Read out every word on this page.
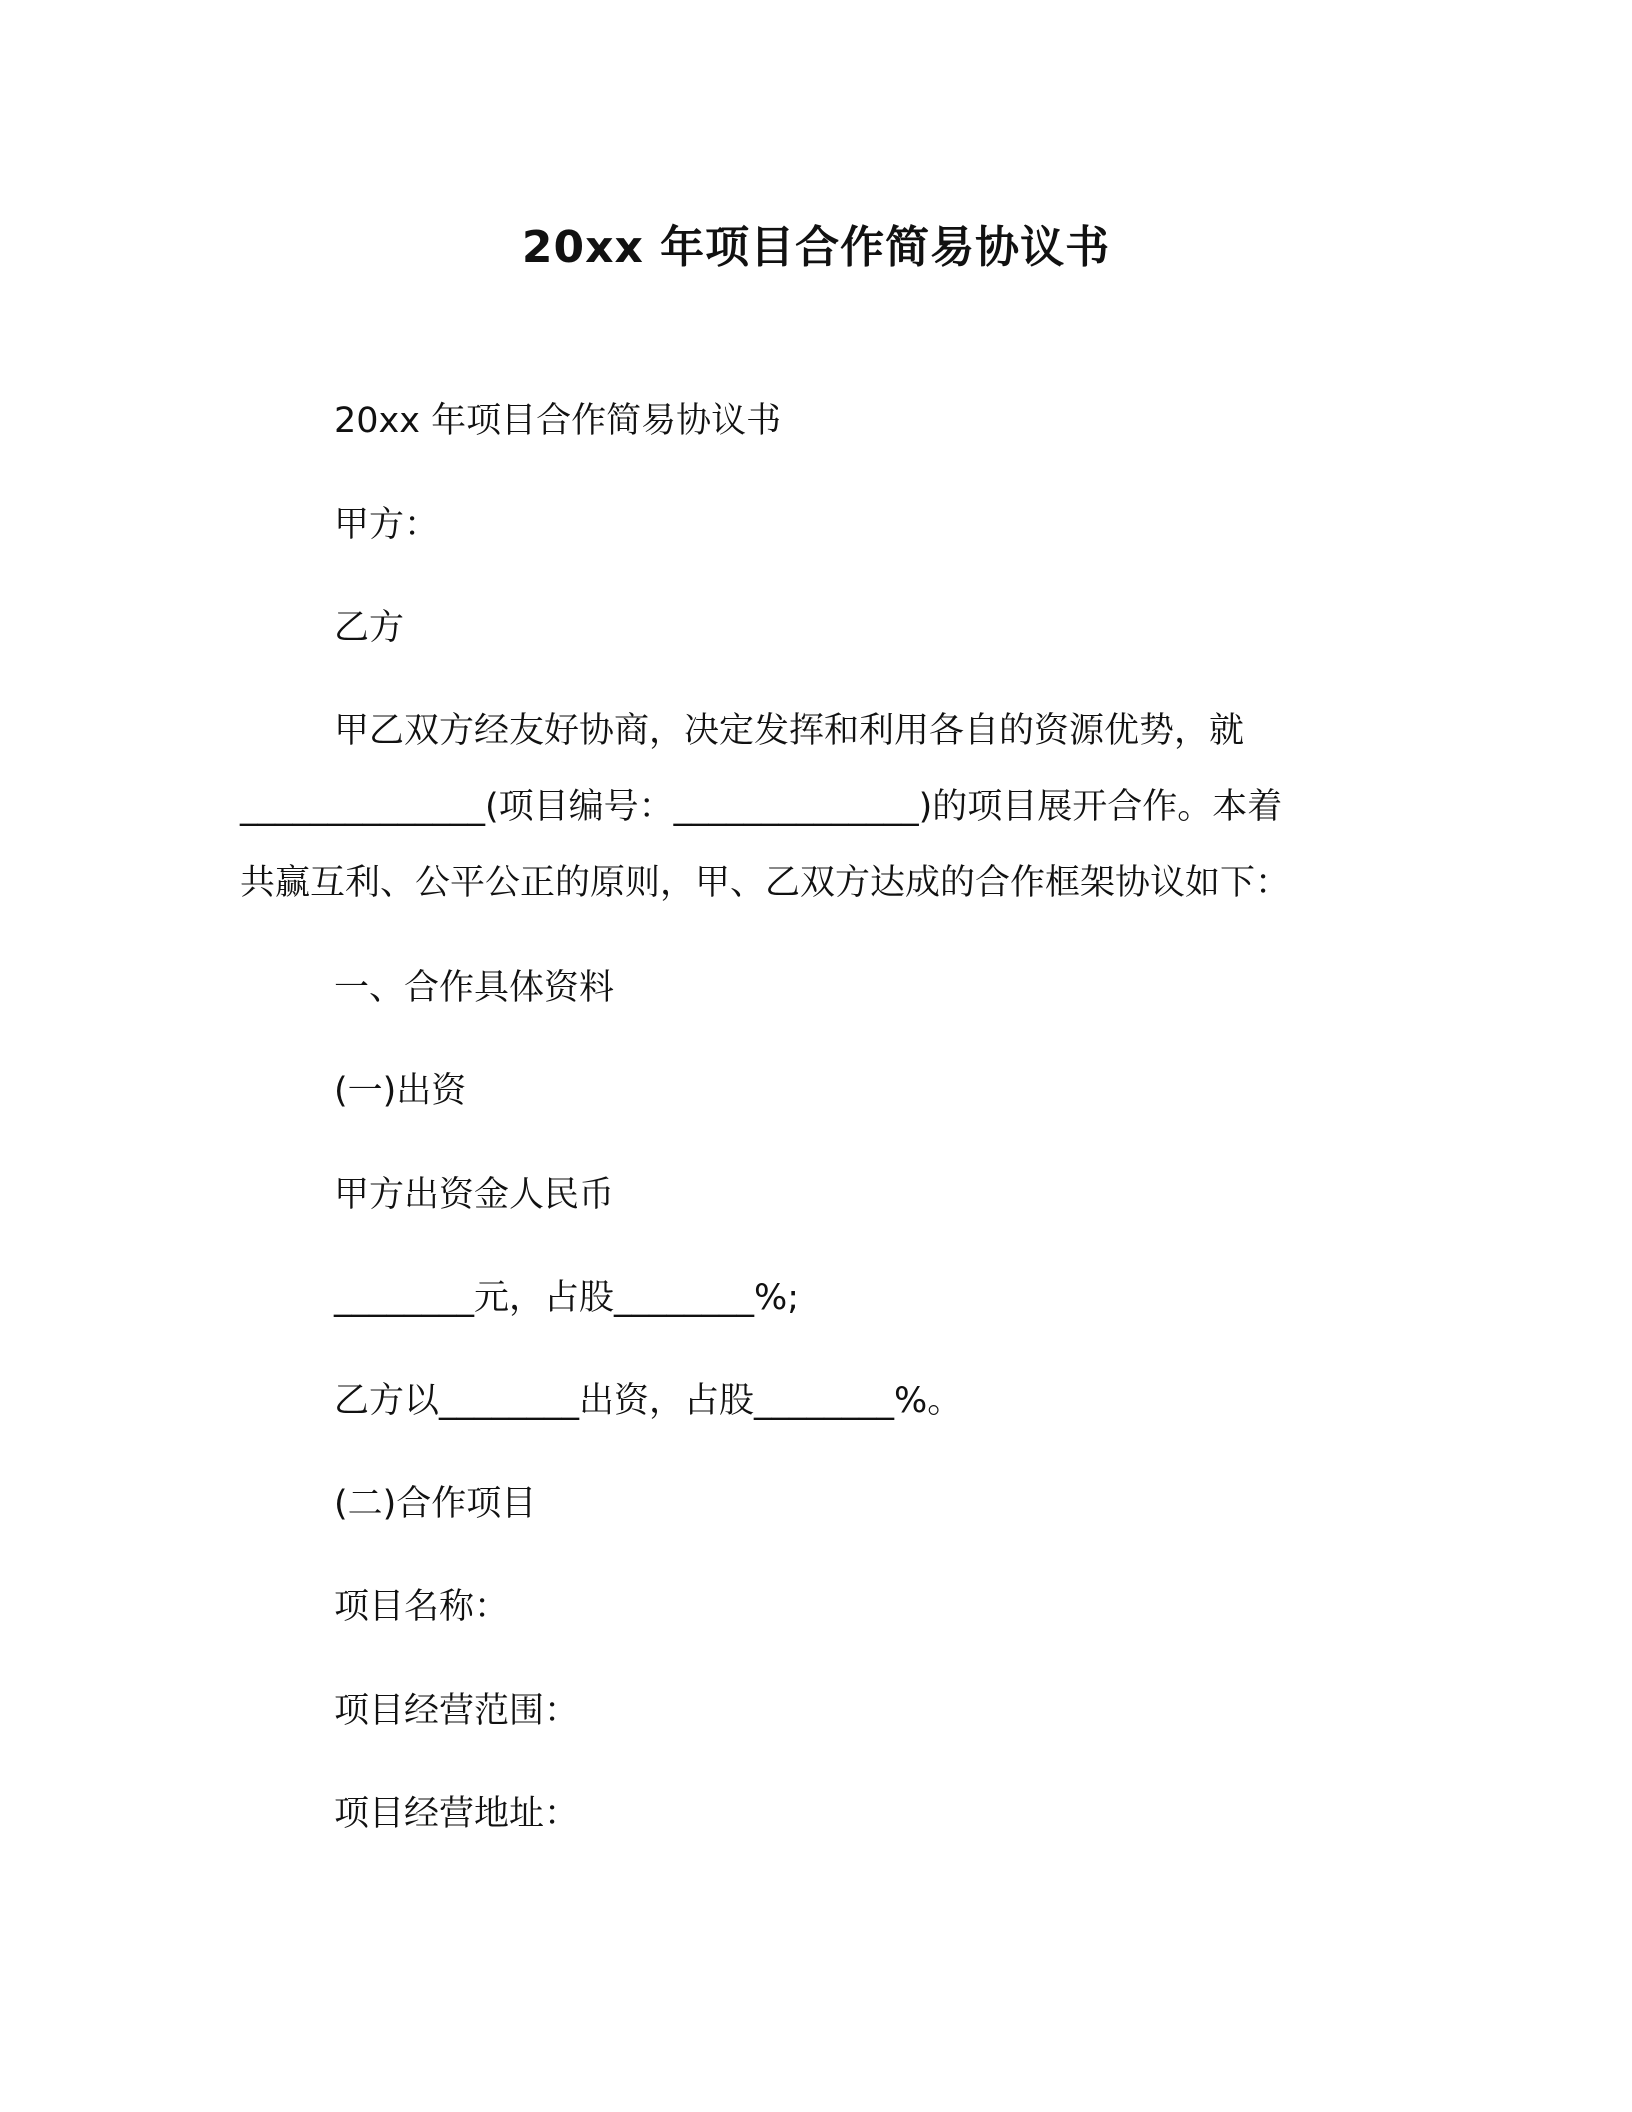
20xx 年项目合作简易协议书
20xx 年项目合作简易协议书
甲方：
乙方
甲乙双方经友好协商，决定发挥和利用各自的资源优势，就
______________(项目编号：______________)的项目展开合作。本着
共赢互利、公平公正的原则，甲、乙双方达成的合作框架协议如下：
一、合作具体资料
(一)出资
甲方出资金人民币
________元，占股________%;
乙方以________出资，占股________%。
(二)合作项目
项目名称：
项目经营范围：
项目经营地址：
